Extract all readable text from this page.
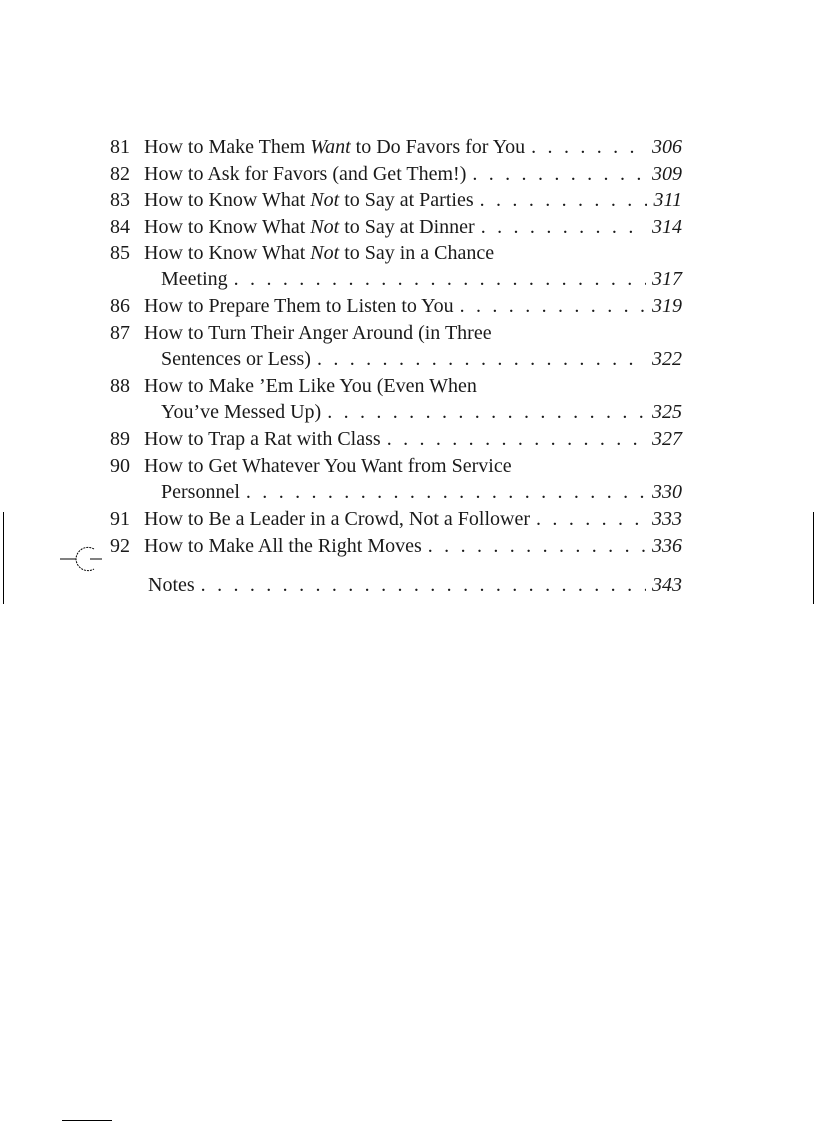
81 How to Make Them Want to Do Favors for You . . .	306
82 How to Ask for Favors (and Get Them!) . . .	309
83 How to Know What Not to Say at Parties . . .	311
84 How to Know What Not to Say at Dinner . . .	314
85 How to Know What Not to Say in a Chance
Meeting . . .	317
86 How to Prepare Them to Listen to You . . .	319
87 How to Turn Their Anger Around (in Three
Sentences or Less) . . .	322
88 How to Make ’Em Like You (Even When
You’ve Messed Up) . . .	325
89 How to Trap a Rat with Class . . .	327
90 How to Get Whatever You Want from Service
Personnel . . .	330
91 How to Be a Leader in a Crowd, Not a Follower . . .	333
92 How to Make All the Right Moves . . .	336
Notes . . .	343
